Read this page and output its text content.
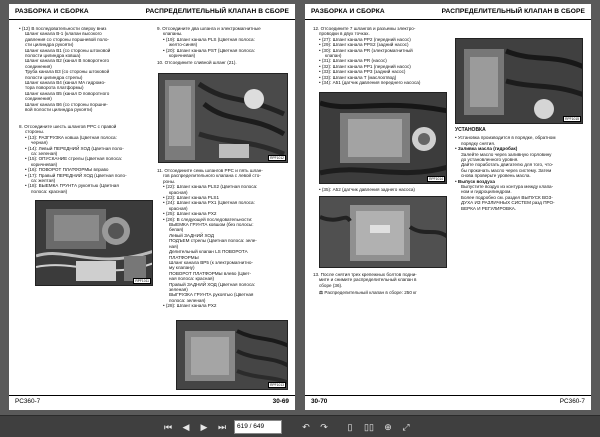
РАЗБОРКА И СБОРКА	РАСПРЕДЕЛИТЕЛЬНЫЙ КЛАПАН В СБОРЕ

• (12) В последовательности сверху вниз

Шланг канала B-1 (клапан высокого

давления со стороны поршневой поло-

сти цилиндра рукояти)

Шланг канала B1 (со стороны штоковой

полости цилиндра ковша)

Шланг канала B2 (канал B поворотного

соединения)

Труба канала B3 (со стороны штоковой

полости цилиндра стрелы)

Шланг канала B4 (канал MA гидромо-

тора поворота платформы)

Шланг канала B5 (канал D поворотного

соединения)

Шланг канала B6 (со стороны поршне-

вой полости цилиндра рукояти)

8. Отсоедините шесть шлангов PPC с правой

стороны.

• (13): РАЗГРУЗКА ковша (Цветная полоса:

черная)

• (14): Левый ПЕРЕДНИЙ ХОД (Цветная поло-

са: зеленая)

• (15): ОПУСКАНИЕ стрелы (Цветная полоса:

коричневая)

• (16): ПОВОРОТ ПЛАТФОРМЫ вправо

• (17): Правый ПЕРЕДНИЙ ХОД (Цветная поло-

са: желтая)

• (18): ВЫЕМКА ГРУНТА рукоятью (Цветная

полоса: красная)

RPF1011
RPF1012

9. Отсоедините два шланга и электромагнитные

клапаны.

• (19): Шланг канала PLS (Цветная полоса:

желто-синяя)

• (20): Шланг канала PST (Цветная полоса:

коричневая)

10. Отсоедините сливной шланг (21).

11. Отсоедините семь шлангов PPC и пять шлан-

гов распределительного клапана с левой сто-

роны.

• (22): Шланг канала PLS2 (Цветная полоса:

красная)

• (23): Шланг канала PLS1

• (24): Шланг канала PX1 (Цветная полоса:

красная)

• (25): Шланг канала PX2

• (26): В следующей последовательности:

ВЫЕМКА ГРУНТА ковшом (без полосы:

белая)

Левый ЗАДНИЙ ХОД

ПОДЪЕМ стрелы (Цветная полоса: зеле-

ная)

Делительный клапан LS ПОВОРОТА

ПЛАТФОРМЫ

Шланг канала BP5 (к электромагнитно-

му клапану)

ПОВОРОТ ПЛАТФОРМЫ влево (Цвет-

ная полоса: красная)

Правый ЗАДНИЙ ХОД (Цветная полоса:

зеленая)

ВЫГРУЗКА ГРУНТА рукоятью (Цветная

полоса: зеленая)

• (28): Шланг канала PX2

RPF1013
PC360-7	30-69
РАЗБОРКА И СБОРКА	РАСПРЕДЕЛИТЕЛЬНЫЙ КЛАПАН В СБОРЕ

12. Отсоедините 7 шлангов и разъемы электро-

проводки в двух точках.

• (27): Шланг канала PP2 (передний насос)

• (29): Шланг канала PPS2 (задний насос)

• (30): Шланг канала PR (электромагнитный

клапан)

• (31): Шланг канала PR (насос)

• (32): Шланг канала PP1 (передний насос)

• (33): Шланг канала PP3 (задний насос)

• (33): Шланг канала T (маслоотвод)

• (34): А51 (датчик давления переднего насоса)

RPF1014

• (35): А52 (датчик давления заднего насоса)

13. После снятия трех крепежных болтов подни-

мите и снимите распределительный клапан в

сборе (36).

⚖ Распределительный клапан в сборе: 250 кг

RPF1015

УСТАНОВКА

• Установка производится в порядке, обратном

порядку снятия.

• Заливка масла (гидробак)

Залейте масло через заливную горловину

до установленного уровня.

Дайте поработать двигателю для того, что-

бы прокачать масло через систему. Затем

снова проверьте уровень масла.

• Выпуск воздуха

Выпустите воздух из контура между клапа-

ном и гидроцилиндром.

Более подробно см. раздел ВЫПУСК ВОЗ-

ДУХА ИЗ РАЗЛИЧНЫХ СИСТЕМ разд ПРО-

ВЕРКА И РЕГУЛИРОВКА.

30-70	PC360-7
⏮ ◀ ▶ ⏭	619 / 649	↶ ↷	▯	▯▯ ⊕ ⤢
